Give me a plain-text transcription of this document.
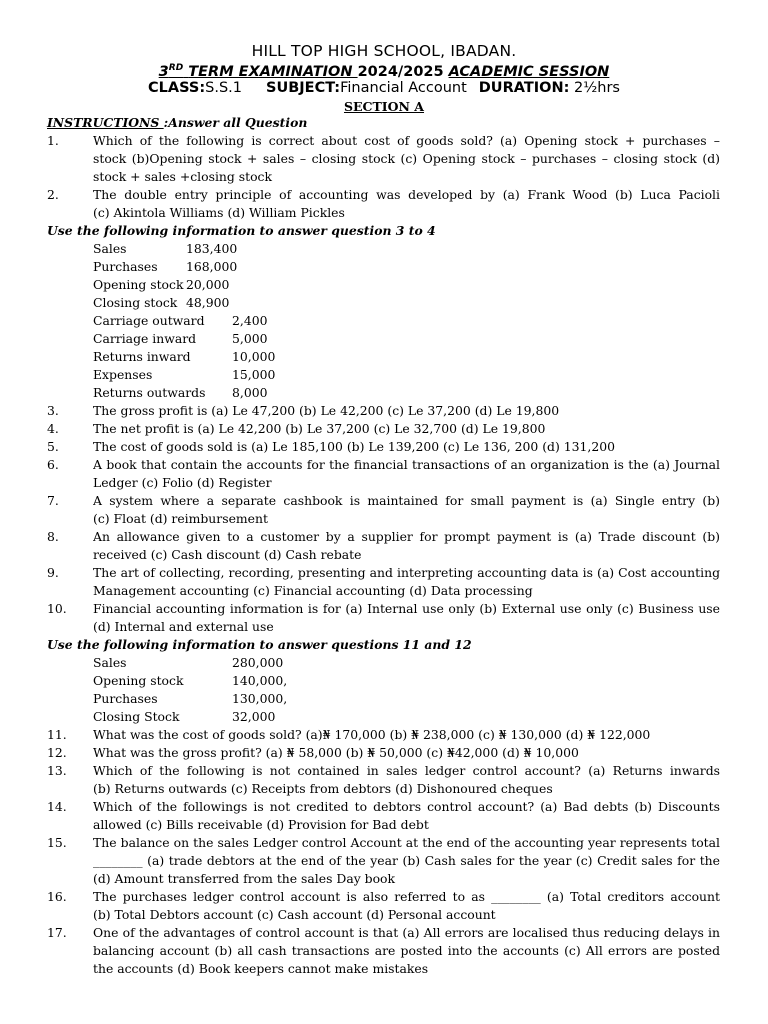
HILL TOP HIGH SCHOOL, IBADAN.
3RD TERM EXAMINATION 2024/2025 ACADEMIC SESSION
CLASS:S.S.1 SUBJECT:Financial Account DURATION: 2½hrs
SECTION A
INSTRUCTIONS :Answer all Question
1.	Which of the following is correct about cost of goods sold? (a) Opening stock + purchases –
stock (b)Opening stock + sales – closing stock (c) Opening stock – purchases – closing stock (d)
stock + sales +closing stock
2.	The double entry principle of accounting was developed by (a) Frank Wood (b) Luca Pacioli
(c) Akintola Williams (d) William Pickles
Use the following information to answer question 3 to 4
Sales	183,400
Purchases 168,000
Opening stock 20,000
Closing stock 48,900
Carriage outward 2,400
Carriage inward	5,000
Returns inward	10,000
Expenses	15,000
Returns outwards 8,000
3.	The gross profit is (a) Le 47,200 (b) Le 42,200 (c) Le 37,200 (d) Le 19,800
4.	The net profit is (a) Le 42,200 (b) Le 37,200 (c) Le 32,700 (d) Le 19,800
5.	The cost of goods sold is (a) Le 185,100 (b) Le 139,200 (c) Le 136, 200 (d) 131,200
6.	A book that contain the accounts for the financial transactions of an organization is the (a) Journal
Ledger (c) Folio (d) Register
7.	A system where a separate cashbook is maintained for small payment is (a) Single entry (b)
(c) Float (d) reimbursement
8.	An allowance given to a customer by a supplier for prompt payment is (a) Trade discount (b)
received (c) Cash discount (d) Cash rebate
9.	The art of collecting, recording, presenting and interpreting accounting data is (a) Cost accounting
Management accounting (c) Financial accounting (d) Data processing
10. Financial accounting information is for (a) Internal use only (b) External use only (c) Business use
(d) Internal and external use
Use the following information to answer questions 11 and 12
Sales	280,000
Opening stock	140,000,
Purchases	130,000,
Closing Stock	32,000
11. What was the cost of goods sold? (a)₦ 170,000 (b) ₦ 238,000 (c) ₦ 130,000 (d) ₦ 122,000
12. What was the gross profit? (a) ₦ 58,000 (b) ₦ 50,000 (c) ₦42,000 (d) ₦ 10,000
13. Which of the following is not contained in sales ledger control account? (a) Returns inwards
(b) Returns outwards (c) Receipts from debtors (d) Dishonoured cheques
14. Which of the followings is not credited to debtors control account? (a) Bad debts (b) Discounts
allowed (c) Bills receivable (d) Provision for Bad debt
15. The balance on the sales Ledger control Account at the end of the accounting year represents total
________ (a) trade debtors at the end of the year (b) Cash sales for the year (c) Credit sales for the
(d) Amount transferred from the sales Day book
16. The purchases ledger control account is also referred to as ________ (a) Total creditors account
(b) Total Debtors account (c) Cash account (d) Personal account
17. One of the advantages of control account is that (a) All errors are localised thus reducing delays in
balancing account (b) all cash transactions are posted into the accounts (c) All errors are posted
the accounts (d) Book keepers cannot make mistakes
